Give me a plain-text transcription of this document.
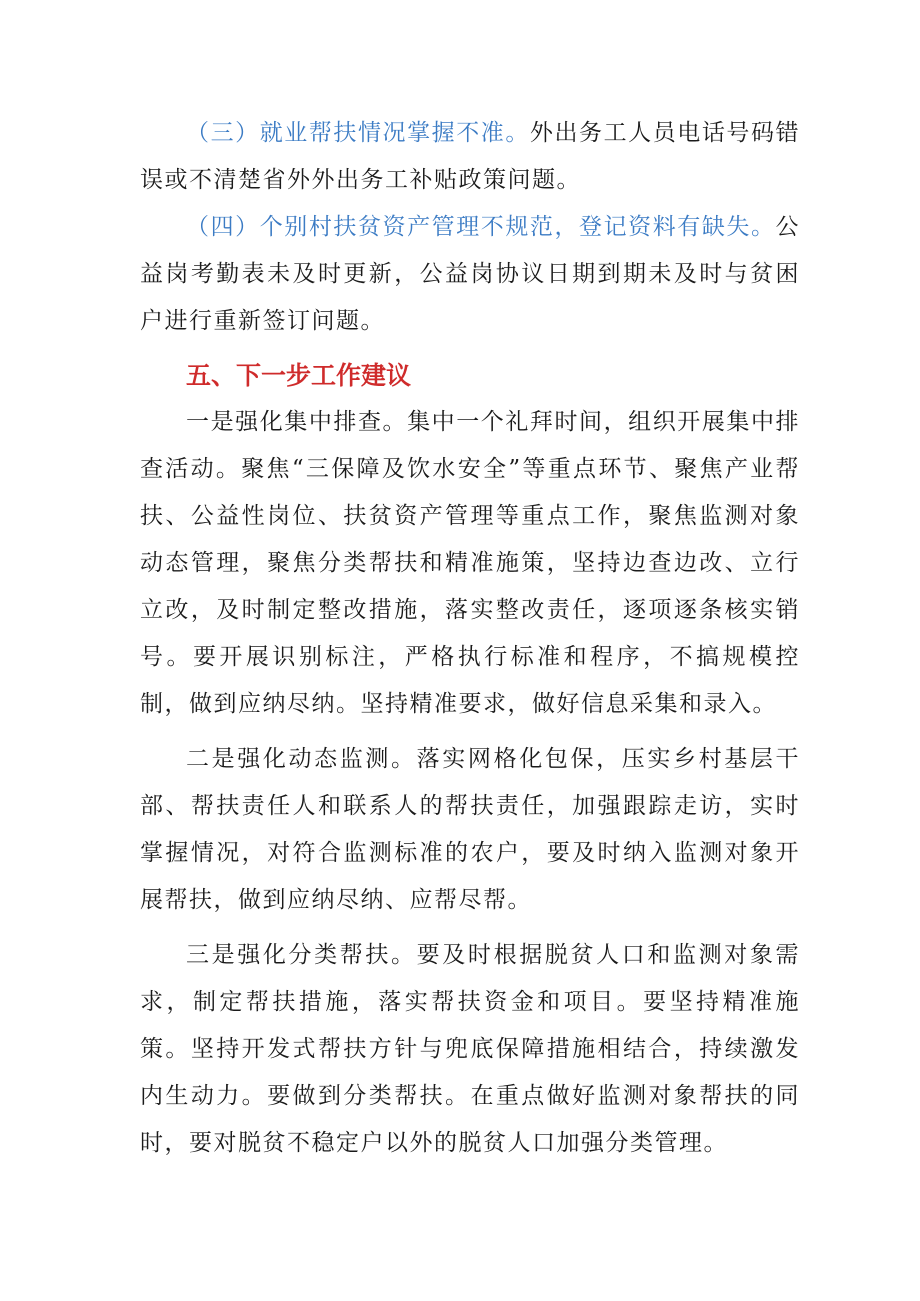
（三）就业帮扶情况掌握不准。外出务工人员电话号码错误或不清楚省外外出务工补贴政策问题。

（四）个别村扶贫资产管理不规范，登记资料有缺失。公益岗考勤表未及时更新，公益岗协议日期到期未及时与贫困户进行重新签订问题。

五、下一步工作建议

一是强化集中排查。集中一个礼拜时间，组织开展集中排查活动。聚焦“三保障及饮水安全”等重点环节、聚焦产业帮扶、公益性岗位、扶贫资产管理等重点工作，聚焦监测对象动态管理，聚焦分类帮扶和精准施策，坚持边查边改、立行立改，及时制定整改措施，落实整改责任，逐项逐条核实销号。要开展识别标注，严格执行标准和程序，不搞规模控制，做到应纳尽纳。坚持精准要求，做好信息采集和录入。

二是强化动态监测。落实网格化包保，压实乡村基层干部、帮扶责任人和联系人的帮扶责任，加强跟踪走访，实时掌握情况，对符合监测标准的农户，要及时纳入监测对象开展帮扶，做到应纳尽纳、应帮尽帮。

三是强化分类帮扶。要及时根据脱贫人口和监测对象需求，制定帮扶措施，落实帮扶资金和项目。要坚持精准施策。坚持开发式帮扶方针与兜底保障措施相结合，持续激发内生动力。要做到分类帮扶。在重点做好监测对象帮扶的同时，要对脱贫不稳定户以外的脱贫人口加强分类管理。
